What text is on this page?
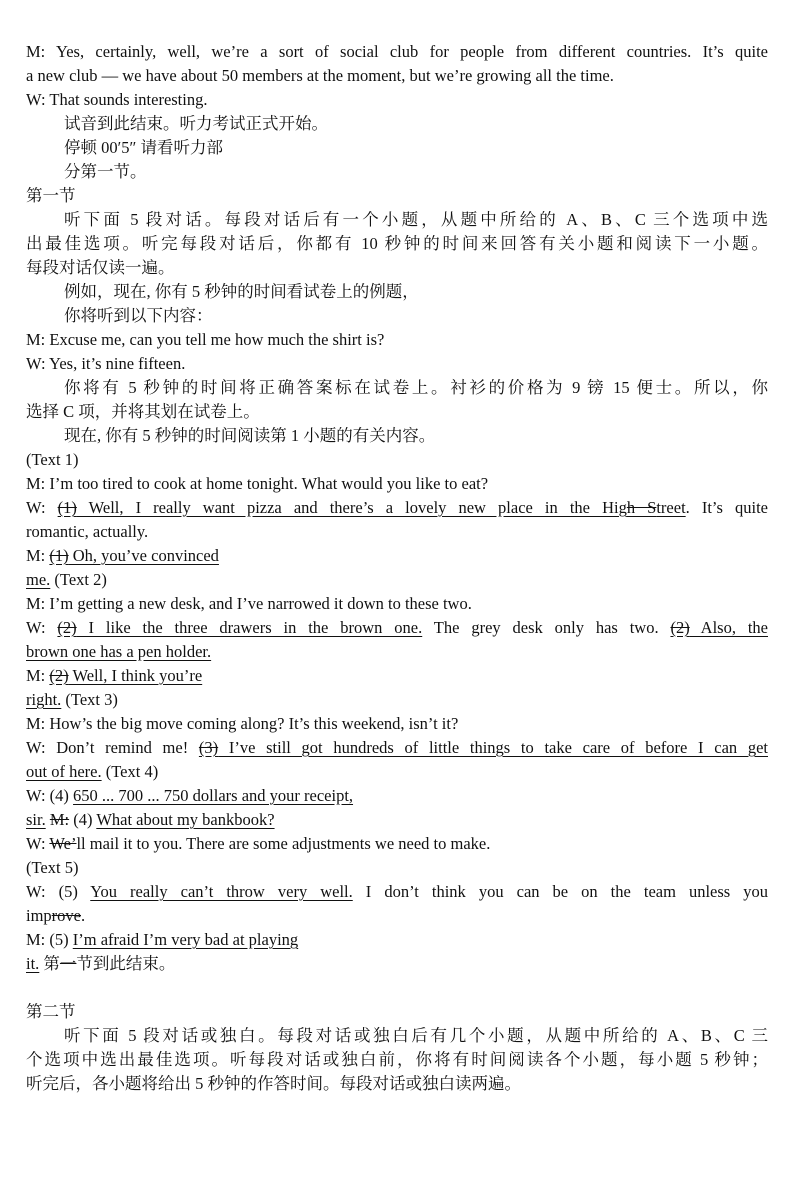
M: Yes, certainly, well, we’re a sort of social club for people from different countries. It’s quite
a new club — we have about 50 members at the moment, but we’re growing all the time.
W: That sounds interesting.
试音到此结束。听力考试正式开始。
停顿 00′5″ 请看听力部
分第一节。
第一节
听下面 5 段对话。每段对话后有一个小题，从题中所给的 A、B、C 三个选项中选
出最佳选项。听完每段对话后，你都有 10 秒钟的时间来回答有关小题和阅读下一小题。
每段对话仅读一遍。
例如，现在, 你有 5 秒钟的时间看试卷上的例题，
你将听到以下内容：
M: Excuse me, can you tell me how much the shirt is?
W: Yes, it’s nine fifteen.
你将有 5 秒钟的时间将正确答案标在试卷上。衬衫的价格为 9 镑 15 便士。所以，你
选择 C 项，并将其划在试卷上。
现在, 你有 5 秒钟的时间阅读第 1 小题的有关内容。
(Text 1)
M: I’m too tired to cook at home tonight. What would you like to eat?
W: (1) Well, I really want pizza and there’s a lovely new place in the High Street. It’s quite
romantic, actually.
M: (1) Oh, you’ve convinced
me. (Text 2)
M: I’m getting a new desk, and I’ve narrowed it down to these two.
W: (2) I like the three drawers in the brown one. The grey desk only has two. (2) Also, the
brown one has a pen holder.
M: (2) Well, I think you’re
right. (Text 3)
M: How’s the big move coming along? It’s this weekend, isn’t it?
W: Don’t remind me! (3) I’ve still got hundreds of little things to take care of before I can get
out of here. (Text 4)
W: (4) 650 ... 700 ... 750 dollars and your receipt,
sir. M: (4) What about my bankbook?
W: We’ll mail it to you. There are some adjustments we need to make.
(Text 5)
W: (5) You really can’t throw very well. I don’t think you can be on the team unless you
improve.
M: (5) I’m afraid I’m very bad at playing
it. 第一节到此结束。
第二节
听下面 5 段对话或独白。每段对话或独白后有几个小题，从题中所给的 A、B、C 三
个选项中选出最佳选项。听每段对话或独白前，你将有时间阅读各个小题，每小题 5 秒钟；
听完后，各小题将给出 5 秒钟的作答时间。每段对话或独白读两遍。
